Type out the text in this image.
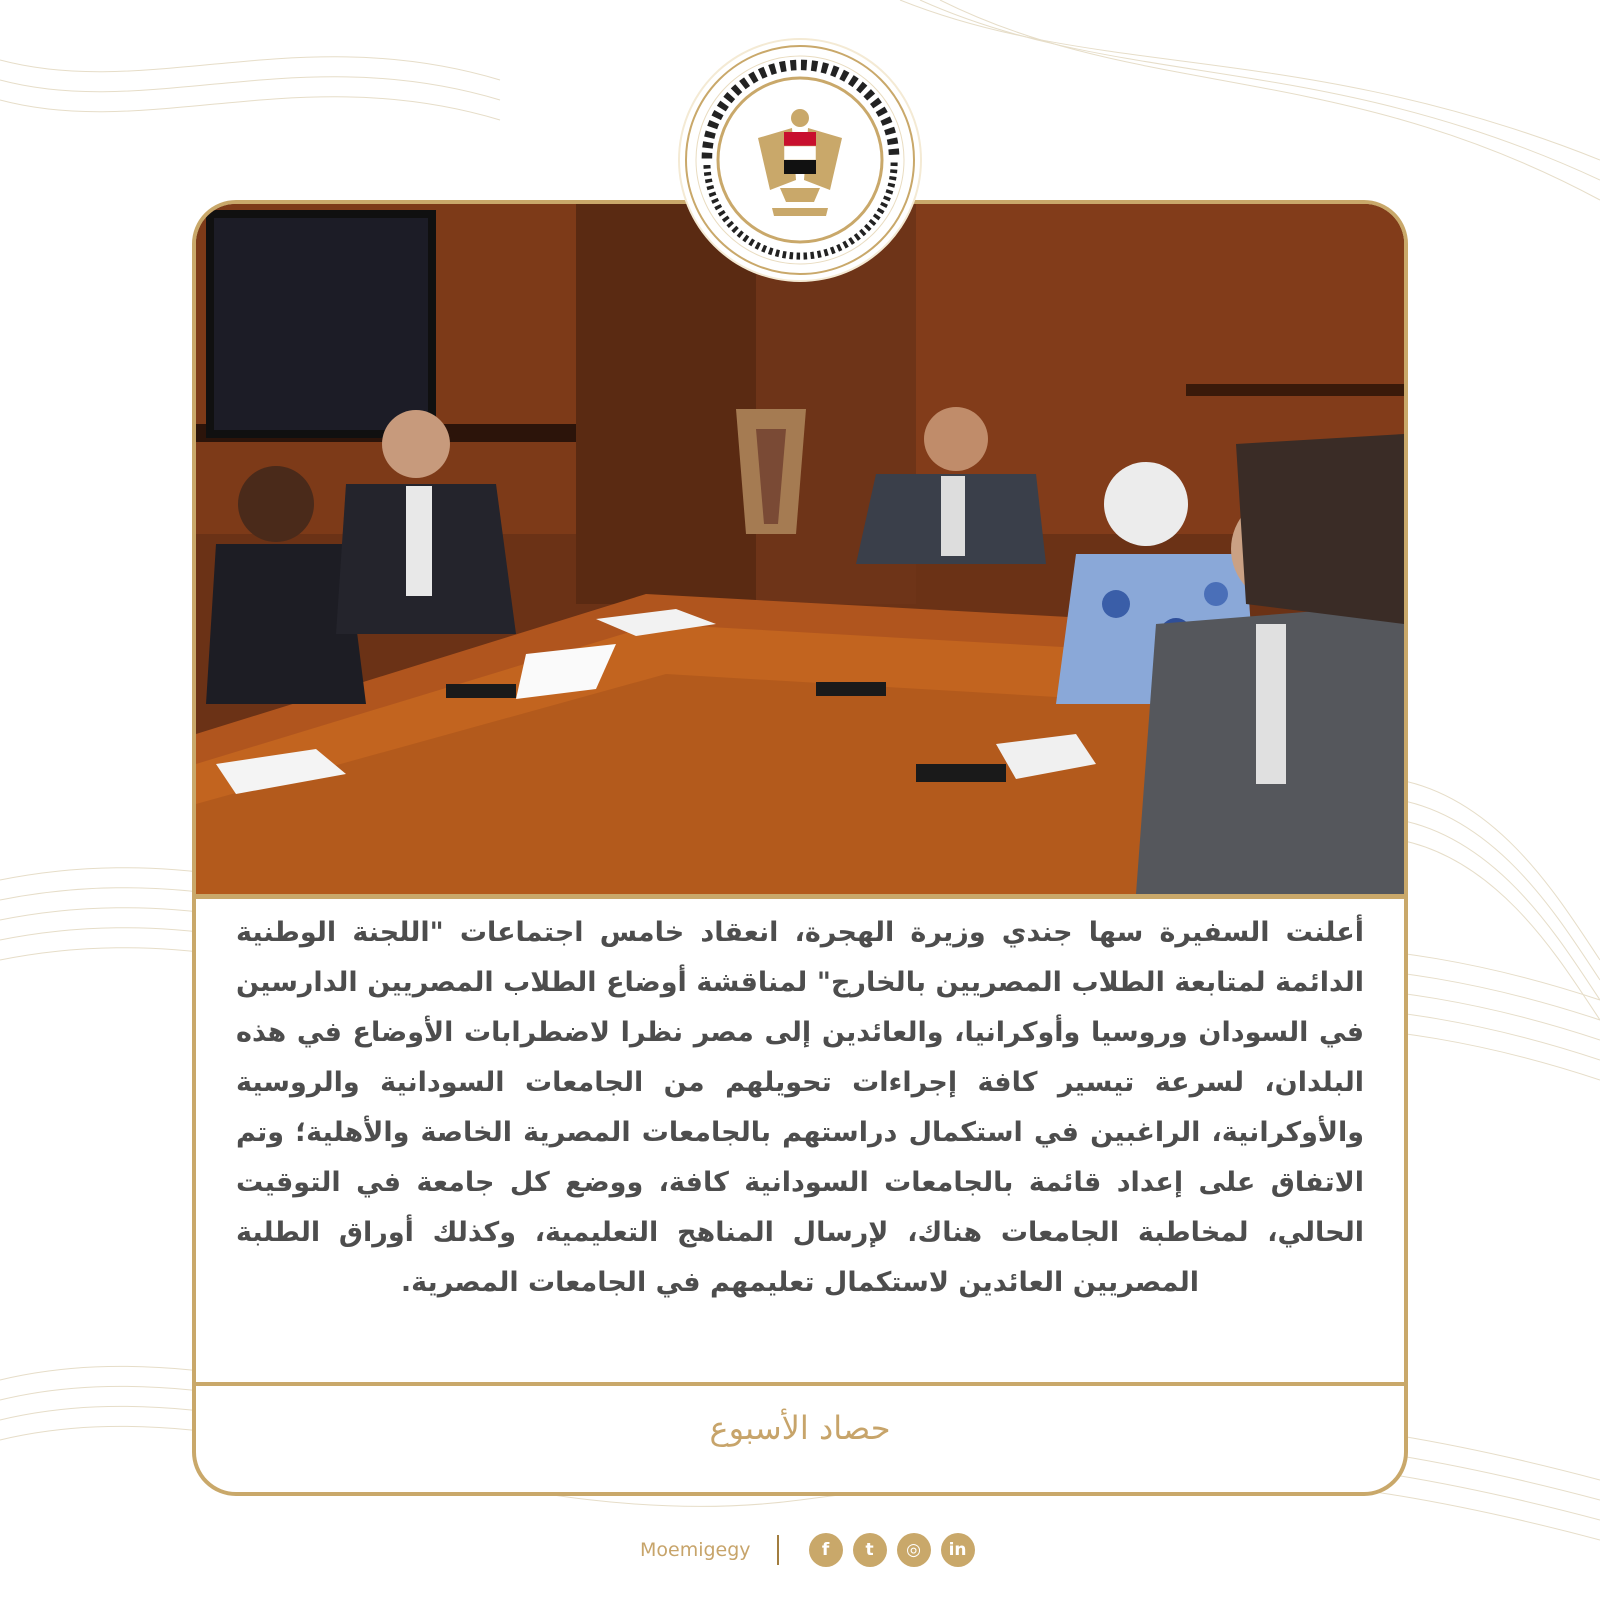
أعلنت السفيرة سها جندي وزيرة الهجرة، انعقاد خامس اجتماعات "اللجنة الوطنية الدائمة لمتابعة الطلاب المصريين بالخارج" لمناقشة أوضاع الطلاب المصريين الدارسين في السودان وروسيا وأوكرانيا، والعائدين إلى مصر نظرا لاضطرابات الأوضاع في هذه البلدان، لسرعة تيسير كافة إجراءات تحويلهم من الجامعات السودانية والروسية والأوكرانية، الراغبين في استكمال دراستهم بالجامعات المصرية الخاصة والأهلية؛ وتم الاتفاق على إعداد قائمة بالجامعات السودانية كافة، ووضع كل جامعة في التوقيت الحالي، لمخاطبة الجامعات هناك، لإرسال المناهج التعليمية، وكذلك أوراق الطلبة المصريين العائدين لاستكمال تعليمهم في الجامعات المصرية.

حصاد الأسبوع
Moemigegy	f	t	◎	in
